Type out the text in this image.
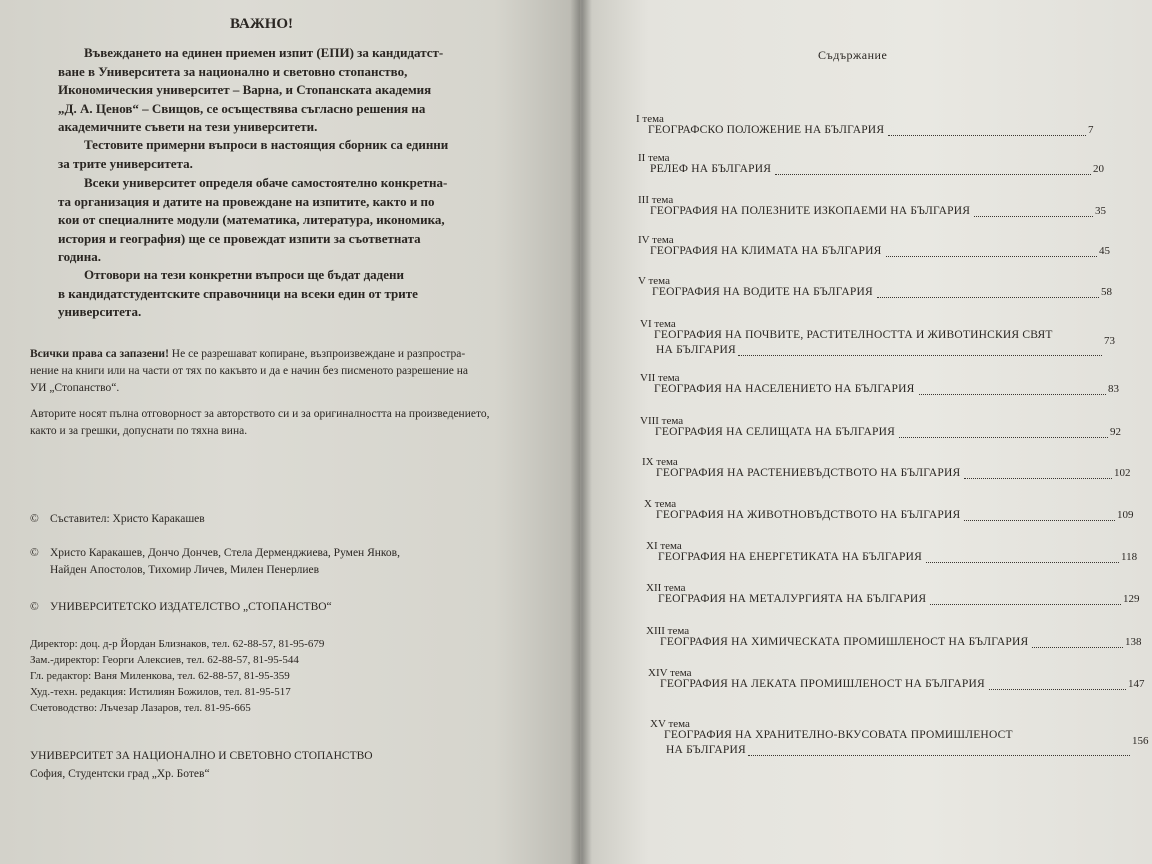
ВАЖНО!

Въвеждането на единен приемен изпит (ЕПИ) за кандидатст-
ване в Университета за национално и световно стопанство,
Икономическия университет – Варна, и Стопанската академия
„Д. А. Ценов“ – Свищов, се осъществява съгласно решения на
академичните съвети на тези университети.
Тестовите примерни въпроси в настоящия сборник са единни
за трите университета.
Всеки университет определя обаче самостоятелно конкретна-
та организация и датите на провеждане на изпитите, както и по
кои от специалните модули (математика, литература, икономика,
история и география) ще се провеждат изпити за съответната
година.
Отговори на тези конкретни въпроси ще бъдат дадени
в кандидатстудентските справочници на всеки един от трите
университета.
Всички права са запазени! Не се разрешават копиране, възпроизвеждане и разпростра-
нение на книги или на части от тях по какъвто и да е начин без писменото разрешение на
УИ „Стопанство“.
Авторите носят пълна отговорност за авторството си и за оригиналността на произведението,
както и за грешки, допуснати по тяхна вина.
© Съставител: Христо Каракашев
© Христо Каракашев, Дончо Дончев, Стела Дерменджиева, Румен Янков,
Найден Апостолов, Тихомир Личев, Милен Пенерлиев
© УНИВЕРСИТЕТСКО ИЗДАТЕЛСТВО „СТОПАНСТВО“
Директор: доц. д-р Йордан Близнаков, тел. 62-88-57, 81-95-679
Зам.-директор: Георги Алексиев, тел. 62-88-57, 81-95-544
Гл. редактор: Ваня Миленкова, тел. 62-88-57, 81-95-359
Худ.-техн. редакция: Истилиян Божилов, тел. 81-95-517
Счетоводство: Лъчезар Лазаров, тел. 81-95-665
УНИВЕРСИТЕТ ЗА НАЦИОНАЛНО И СВЕТОВНО СТОПАНСТВО
София, Студентски град „Хр. Ботев“

Съдържание

I тема
ГЕОГРАФСКО ПОЛОЖЕНИЕ НА БЪЛГАРИЯ	7
II тема
РЕЛЕФ НА БЪЛГАРИЯ	20
III тема
ГЕОГРАФИЯ НА ПОЛЕЗНИТЕ ИЗКОПАЕМИ НА БЪЛГАРИЯ	35
IV тема
ГЕОГРАФИЯ НА КЛИМАТА НА БЪЛГАРИЯ	45
V тема
ГЕОГРАФИЯ НА ВОДИТЕ НА БЪЛГАРИЯ	58
VI тема
ГЕОГРАФИЯ НА ПОЧВИТЕ, РАСТИТЕЛНОСТТА И ЖИВОТИНСКИЯ СВЯТ
НА БЪЛГАРИЯ
73
VII тема
ГЕОГРАФИЯ НА НАСЕЛЕНИЕТО НА БЪЛГАРИЯ	83
VIII тема
ГЕОГРАФИЯ НА СЕЛИЩАТА НА БЪЛГАРИЯ	92
IX тема
ГЕОГРАФИЯ НА РАСТЕНИЕВЪДСТВОТО НА БЪЛГАРИЯ	102
X тема
ГЕОГРАФИЯ НА ЖИВОТНОВЪДСТВОТО НА БЪЛГАРИЯ	109
XI тема
ГЕОГРАФИЯ НА ЕНЕРГЕТИКАТА НА БЪЛГАРИЯ	118
XII тема
ГЕОГРАФИЯ НА МЕТАЛУРГИЯТА НА БЪЛГАРИЯ	129
XIII тема
ГЕОГРАФИЯ НА ХИМИЧЕСКАТА ПРОМИШЛЕНОСТ НА БЪЛГАРИЯ	138
XIV тема
ГЕОГРАФИЯ НА ЛЕКАТА ПРОМИШЛЕНОСТ НА БЪЛГАРИЯ	147
XV тема
ГЕОГРАФИЯ НА ХРАНИТЕЛНО-ВКУСОВАТА ПРОМИШЛЕНОСТ
НА БЪЛГАРИЯ
156
